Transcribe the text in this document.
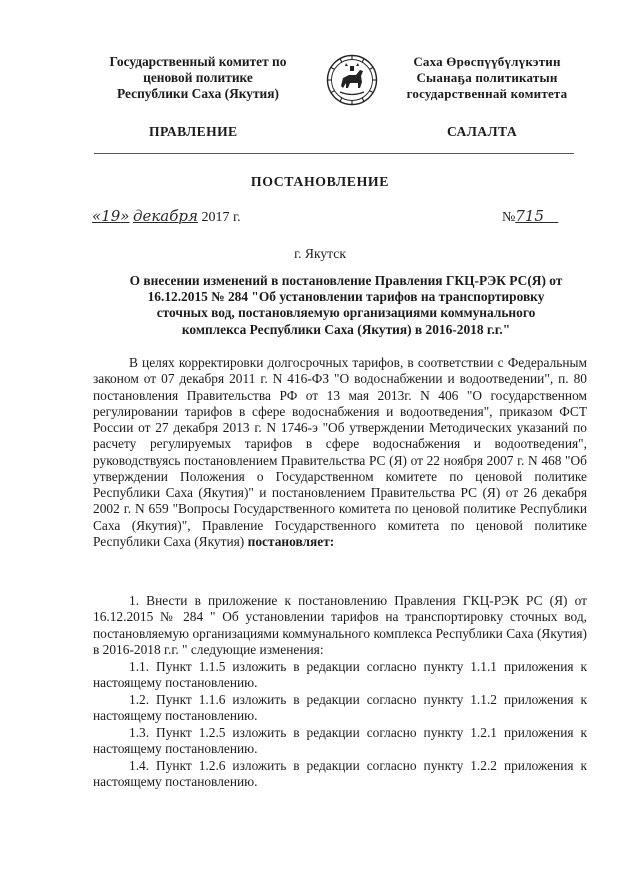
Государственный комитет по
ценовой политике
Республики Саха (Якутия)
Саха Өрөспүүбүлүкэтин
Сыанаҕа политикатын
государственнай комитета
ПРАВЛЕНИЕ	САЛАЛТА
ПОСТАНОВЛЕНИЕ
«19» декабря 2017 г.	№715
г. Якутск
О внесении изменений в постановление Правления ГКЦ-РЭК РС(Я) от
16.12.2015 № 284 "Об установлении тарифов на транспортировку
сточных вод, постановляемую организациями коммунального
комплекса Республики Саха (Якутия) в 2016-2018 г.г."
В целях корректировки долгосрочных тарифов, в соответствии с Федеральным законом от 07 декабря 2011 г. N 416-ФЗ "О водоснабжении и водоотведении", п. 80 постановления Правительства РФ от 13 мая 2013г. N 406 "О государственном регулировании тарифов в сфере водоснабжения и водоотведения", приказом ФСТ России от 27 декабря 2013 г. N 1746-э "Об утверждении Методических указаний по расчету регулируемых тарифов в сфере водоснабжения и водоотведения", руководствуясь постановлением Правительства РС (Я) от 22 ноября 2007 г. N 468 "Об утверждении Положения о Государственном комитете по ценовой политике Республики Саха (Якутия)" и постановлением Правительства РС (Я) от 26 декабря 2002 г. N 659 "Вопросы Государственного комитета по ценовой политике Республики Саха (Якутия)", Правление Государственного комитета по ценовой политике Республики Саха (Якутия) постановляет:
1. Внести в приложение к постановлению Правления ГКЦ-РЭК РС (Я) от 16.12.2015 № 284 " Об установлении тарифов на транспортировку сточных вод, постановляемую организациями коммунального комплекса Республики Саха (Якутия) в 2016-2018 г.г. " следующие изменения:
1.1. Пункт 1.1.5 изложить в редакции согласно пункту 1.1.1 приложения к настоящему постановлению.
1.2. Пункт 1.1.6 изложить в редакции согласно пункту 1.1.2 приложения к настоящему постановлению.
1.3. Пункт 1.2.5 изложить в редакции согласно пункту 1.2.1 приложения к настоящему постановлению.
1.4. Пункт 1.2.6 изложить в редакции согласно пункту 1.2.2 приложения к настоящему постановлению.
